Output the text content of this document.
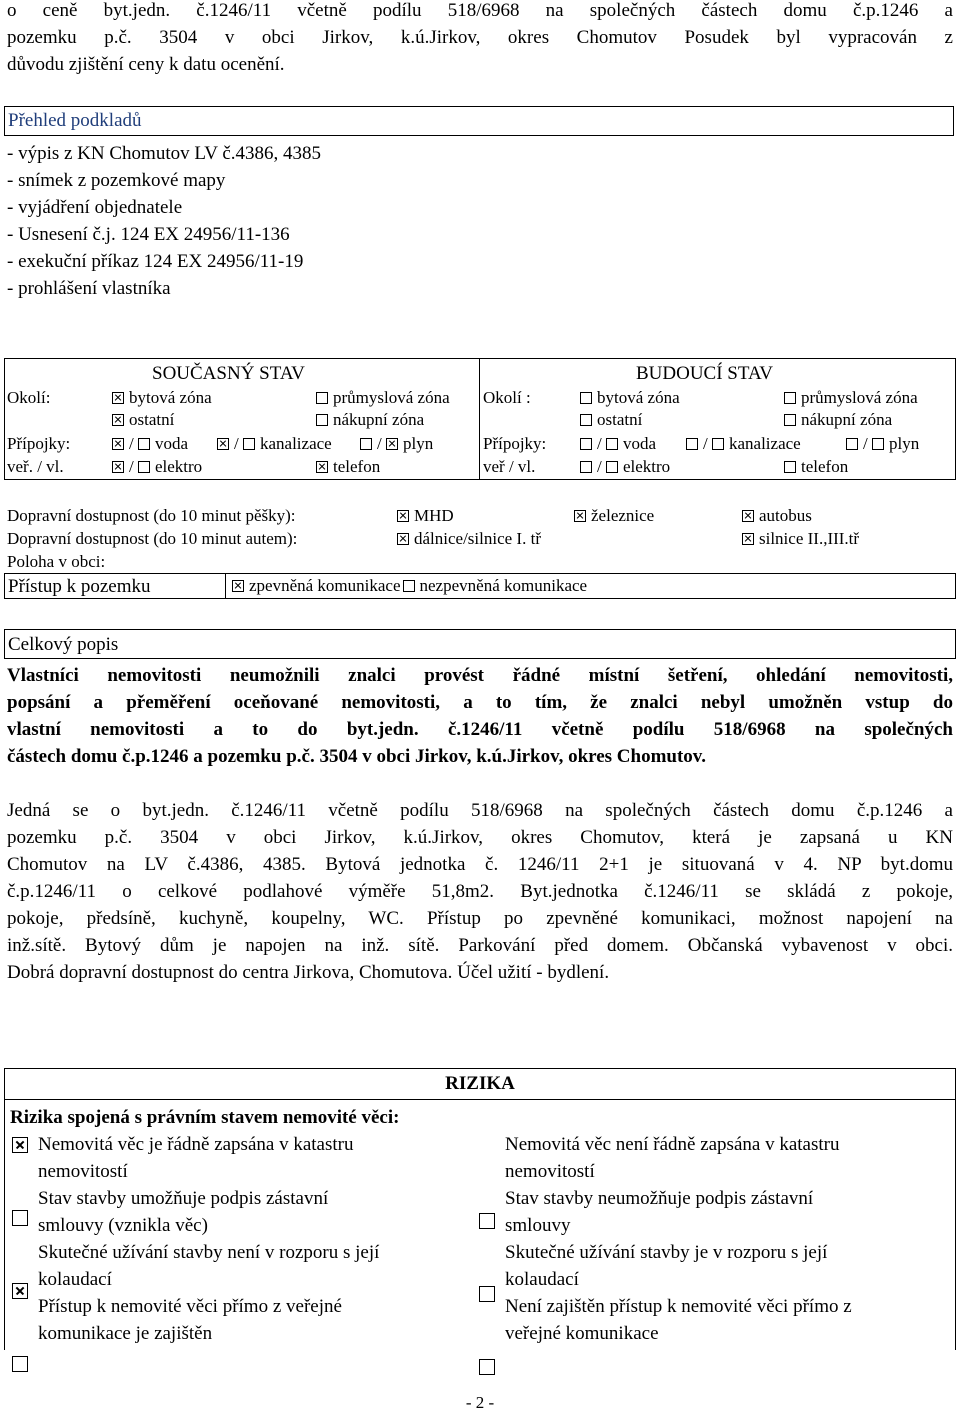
o ceně byt.jedn. č.1246/11 včetně podílu 518/6968 na společných částech domu č.p.1246 a
pozemku p.č. 3504 v obci Jirkov, k.ú.Jirkov, okres Chomutov Posudek byl vypracován z
důvodu zjištění ceny k datu ocenění.
Přehled podkladů
- výpis z KN Chomutov LV č.4386, 4385
- snímek z pozemkové mapy
- vyjádření objednatele
- Usnesení č.j. 124 EX 24956/11-136
- exekuční příkaz 124 EX 24956/11-19
- prohlášení vlastníka
SOUČASNÝ STAV	BUDOUCÍ STAV
Okolí:	bytová zóna	průmyslová zóna
ostatní	nákupní zóna
Přípojky:	/ voda	/ kanalizace	/ plyn
veř. / vl.	/ elektro	telefon
Okolí :	bytová zóna	průmyslová zóna
ostatní	nákupní zóna
Přípojky:	/ voda	/ kanalizace	/ plyn
veř / vl.	/ elektro	telefon
Dopravní dostupnost (do 10 minut pěšky):	MHD	železnice	autobus
Dopravní dostupnost (do 10 minut autem):	dálnice/silnice I. tř	silnice II.,III.tř
Poloha v obci:
Přístup k pozemku	zpevněná komunikace nezpevněná komunikace
Celkový popis
Vlastníci nemovitosti neumožnili znalci provést řádné místní šetření, ohledání nemovitosti,
popsání a přeměření oceňované nemovitosti, a to tím, že znalci nebyl umožněn vstup do
vlastní nemovitosti a to do byt.jedn. č.1246/11 včetně podílu 518/6968 na společných
částech domu č.p.1246 a pozemku p.č. 3504 v obci Jirkov, k.ú.Jirkov, okres Chomutov.
Jedná se o byt.jedn. č.1246/11 včetně podílu 518/6968 na společných částech domu č.p.1246 a
pozemku p.č. 3504 v obci Jirkov, k.ú.Jirkov, okres Chomutov, která je zapsaná u KN
Chomutov na LV č.4386, 4385. Bytová jednotka č. 1246/11 2+1 je situovaná v 4. NP byt.domu
č.p.1246/11 o celkové podlahové výměře 51,8m2. Byt.jednotka č.1246/11 se skládá z pokoje,
pokoje, předsíně, kuchyně, koupelny, WC. Přístup po zpevněné komunikaci, možnost napojení na
inž.sítě. Bytový dům je napojen na inž. sítě. Parkování před domem. Občanská vybavenost v obci.
Dobrá dopravní dostupnost do centra Jirkova, Chomutova. Účel užití - bydlení.
RIZIKA
Rizika spojená s právním stavem nemovité věci:
Nemovitá věc je řádně zapsána v katastru
nemovitostí
Stav stavby umožňuje podpis zástavní
smlouvy (vznikla věc)
Skutečné užívání stavby není v rozporu s její
kolaudací
Přístup k nemovité věci přímo z veřejné
komunikace je zajištěn
Nemovitá věc není řádně zapsána v katastru
nemovitostí
Stav stavby neumožňuje podpis zástavní
smlouvy
Skutečné užívání stavby je v rozporu s její
kolaudací
Není zajištěn přístup k nemovité věci přímo z
veřejné komunikace
- 2 -
